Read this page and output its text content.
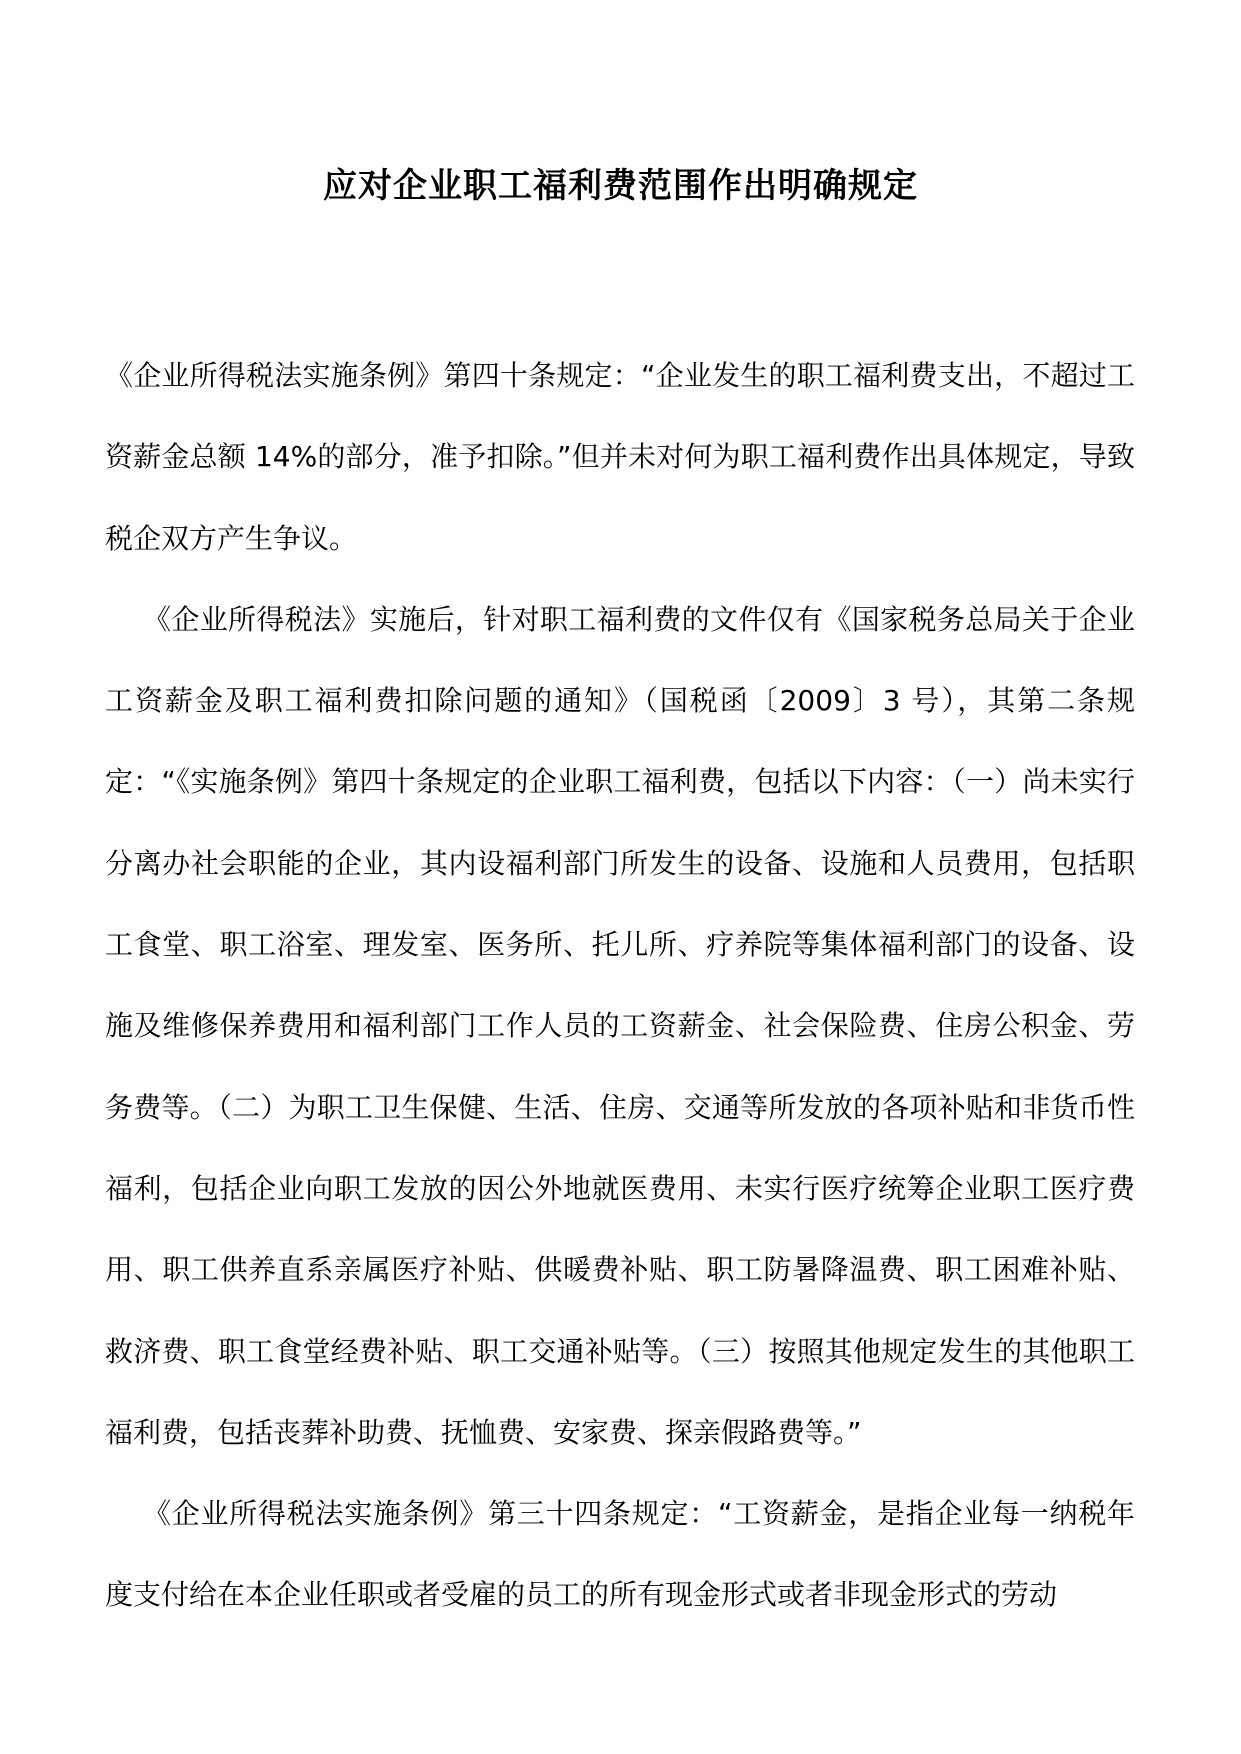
应对企业职工福利费范围作出明确规定

《企业所得税法实施条例》第四十条规定：“企业发生的职工福利费支出，不超过工资薪金总额 14%的部分，准予扣除。”但并未对何为职工福利费作出具体规定，导致税企双方产生争议。

《企业所得税法》实施后，针对职工福利费的文件仅有《国家税务总局关于企业工资薪金及职工福利费扣除问题的通知》（国税函〔2009〕3 号），其第二条规定：“《实施条例》第四十条规定的企业职工福利费，包括以下内容：（一）尚未实行分离办社会职能的企业，其内设福利部门所发生的设备、设施和人员费用，包括职工食堂、职工浴室、理发室、医务所、托儿所、疗养院等集体福利部门的设备、设施及维修保养费用和福利部门工作人员的工资薪金、社会保险费、住房公积金、劳务费等。（二）为职工卫生保健、生活、住房、交通等所发放的各项补贴和非货币性福利，包括企业向职工发放的因公外地就医费用、未实行医疗统筹企业职工医疗费用、职工供养直系亲属医疗补贴、供暖费补贴、职工防暑降温费、职工困难补贴、救济费、职工食堂经费补贴、职工交通补贴等。（三）按照其他规定发生的其他职工福利费，包括丧葬补助费、抚恤费、安家费、探亲假路费等。”

《企业所得税法实施条例》第三十四条规定：“工资薪金，是指企业每一纳税年度支付给在本企业任职或者受雇的员工的所有现金形式或者非现金形式的劳动
